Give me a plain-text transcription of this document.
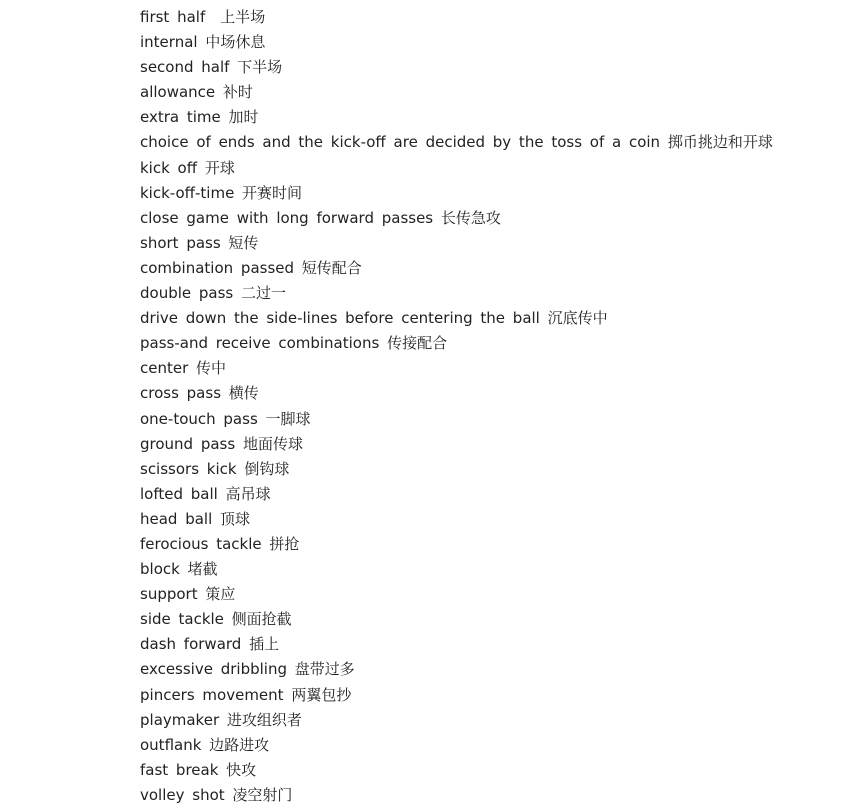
first half　上半场
internal 中场休息
second half 下半场
allowance 补时
extra time 加时
choice of ends and the kick-off are decided by the toss of a coin 掷币挑边和开球
kick off 开球
kick-off-time 开赛时间
close game with long forward passes 长传急攻
short pass 短传
combination passed 短传配合
double pass 二过一
drive down the side-lines before centering the ball 沉底传中
pass-and receive combinations 传接配合
center 传中
cross pass 横传
one-touch pass 一脚球
ground pass 地面传球
scissors kick 倒钩球
lofted ball 高吊球
head ball 顶球
ferocious tackle 拼抢
block 堵截
support 策应
side tackle 侧面抢截
dash forward 插上
excessive dribbling 盘带过多
pincers movement 两翼包抄
playmaker 进攻组织者
outflank 边路进攻
fast break 快攻
volley shot 凌空射门
